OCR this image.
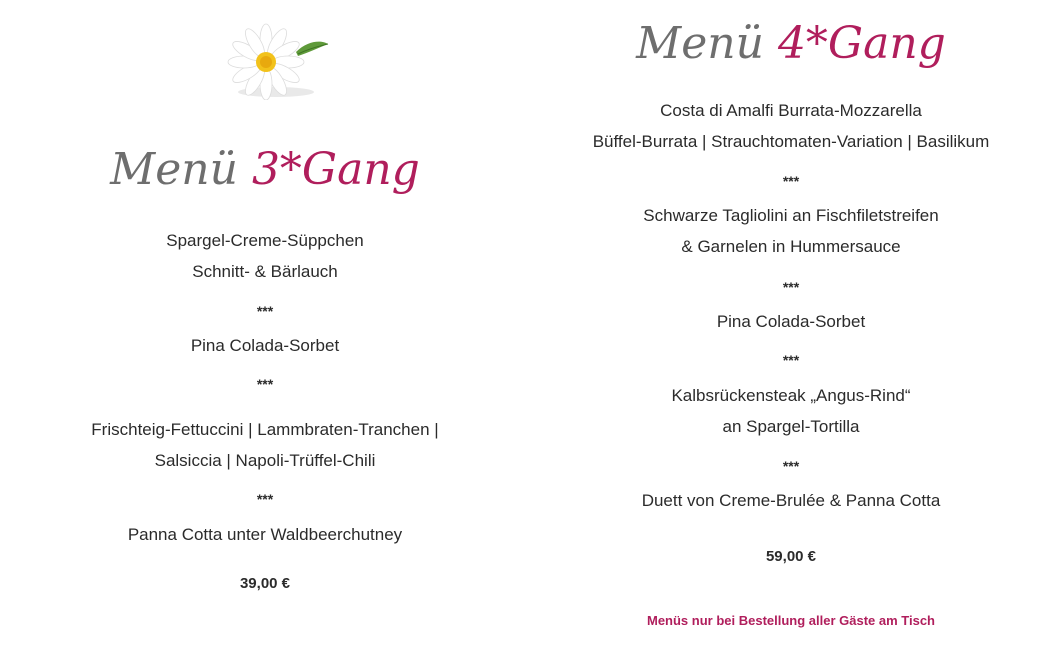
Menü 3*Gang
Spargel-Creme-Süppchen
Schnitt- & Bärlauch
***
Pina Colada-Sorbet
***
Frischteig-Fettuccini | Lammbraten-Tranchen |
Salsiccia | Napoli-Trüffel-Chili
***
Panna Cotta unter Waldbeerchutney
39,00 €
Menü 4*Gang
Costa di Amalfi Burrata-Mozzarella
Büffel-Burrata | Strauchtomaten-Variation | Basilikum
***
Schwarze Tagliolini an Fischfiletstreifen
& Garnelen in Hummersauce
***
Pina Colada-Sorbet
***
Kalbsrückensteak „Angus-Rind“
an Spargel-Tortilla
***
Duett von Creme-Brulée & Panna Cotta
59,00 €
Menüs nur bei Bestellung aller Gäste am Tisch
